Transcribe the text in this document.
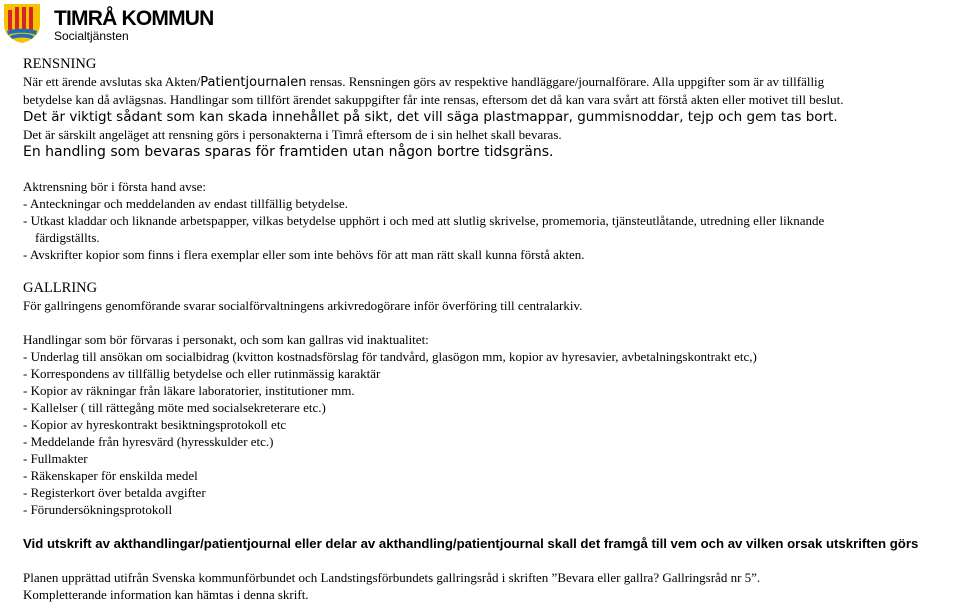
TIMRÅ KOMMUN
Socialtjänsten
RENSNING

När ett ärende avslutas ska Akten/Patientjournalen rensas. Rensningen görs av respektive handläggare/journalförare. Alla uppgifter som är av tillfällig

betydelse kan då avlägsnas. Handlingar som tillfört ärendet sakuppgifter får inte rensas, eftersom det då kan vara svårt att förstå akten eller motivet till beslut.

Det är viktigt sådant som kan skada innehållet på sikt, det vill säga plastmappar, gummisnoddar, tejp och gem tas bort.

Det är särskilt angeläget att rensning görs i personakterna i Timrå eftersom de i sin helhet skall bevaras.

En handling som bevaras sparas för framtiden utan någon bortre tidsgräns.

Aktrensning bör i första hand avse:

- Anteckningar och meddelanden av endast tillfällig betydelse.
- Utkast kladdar och liknande arbetspapper, vilkas betydelse upphört i och med att slutlig skrivelse, promemoria, tjänsteutlåtande, utredning eller liknande
färdigställts.
- Avskrifter kopior som finns i flera exemplar eller som inte behövs för att man rätt skall kunna förstå akten.
GALLRING

För gallringens genomförande svarar socialförvaltningens arkivredogörare inför överföring till centralarkiv.

Handlingar som bör förvaras i personakt, och som kan gallras vid inaktualitet:

- Underlag till ansökan om socialbidrag (kvitton kostnadsförslag för tandvård, glasögon mm, kopior av hyresavier, avbetalningskontrakt etc,)
- Korrespondens av tillfällig betydelse och eller rutinmässig karaktär
- Kopior av räkningar från läkare laboratorier, institutioner mm.
- Kallelser ( till rättegång möte med socialsekreterare etc.)
- Kopior av hyreskontrakt besiktningsprotokoll etc
- Meddelande från hyresvärd (hyresskulder etc.)
- Fullmakter
- Räkenskaper för enskilda medel
- Registerkort över betalda avgifter
- Förundersökningsprotokoll

Vid utskrift av akthandlingar/patientjournal eller delar av akthandling/patientjournal skall det framgå till vem och av vilken orsak utskriften görs

Planen upprättad utifrån Svenska kommunförbundet och Landstingsförbundets gallringsråd i skriften ”Bevara eller gallra? Gallringsråd nr 5”.

Kompletterande information kan hämtas i denna skrift.
